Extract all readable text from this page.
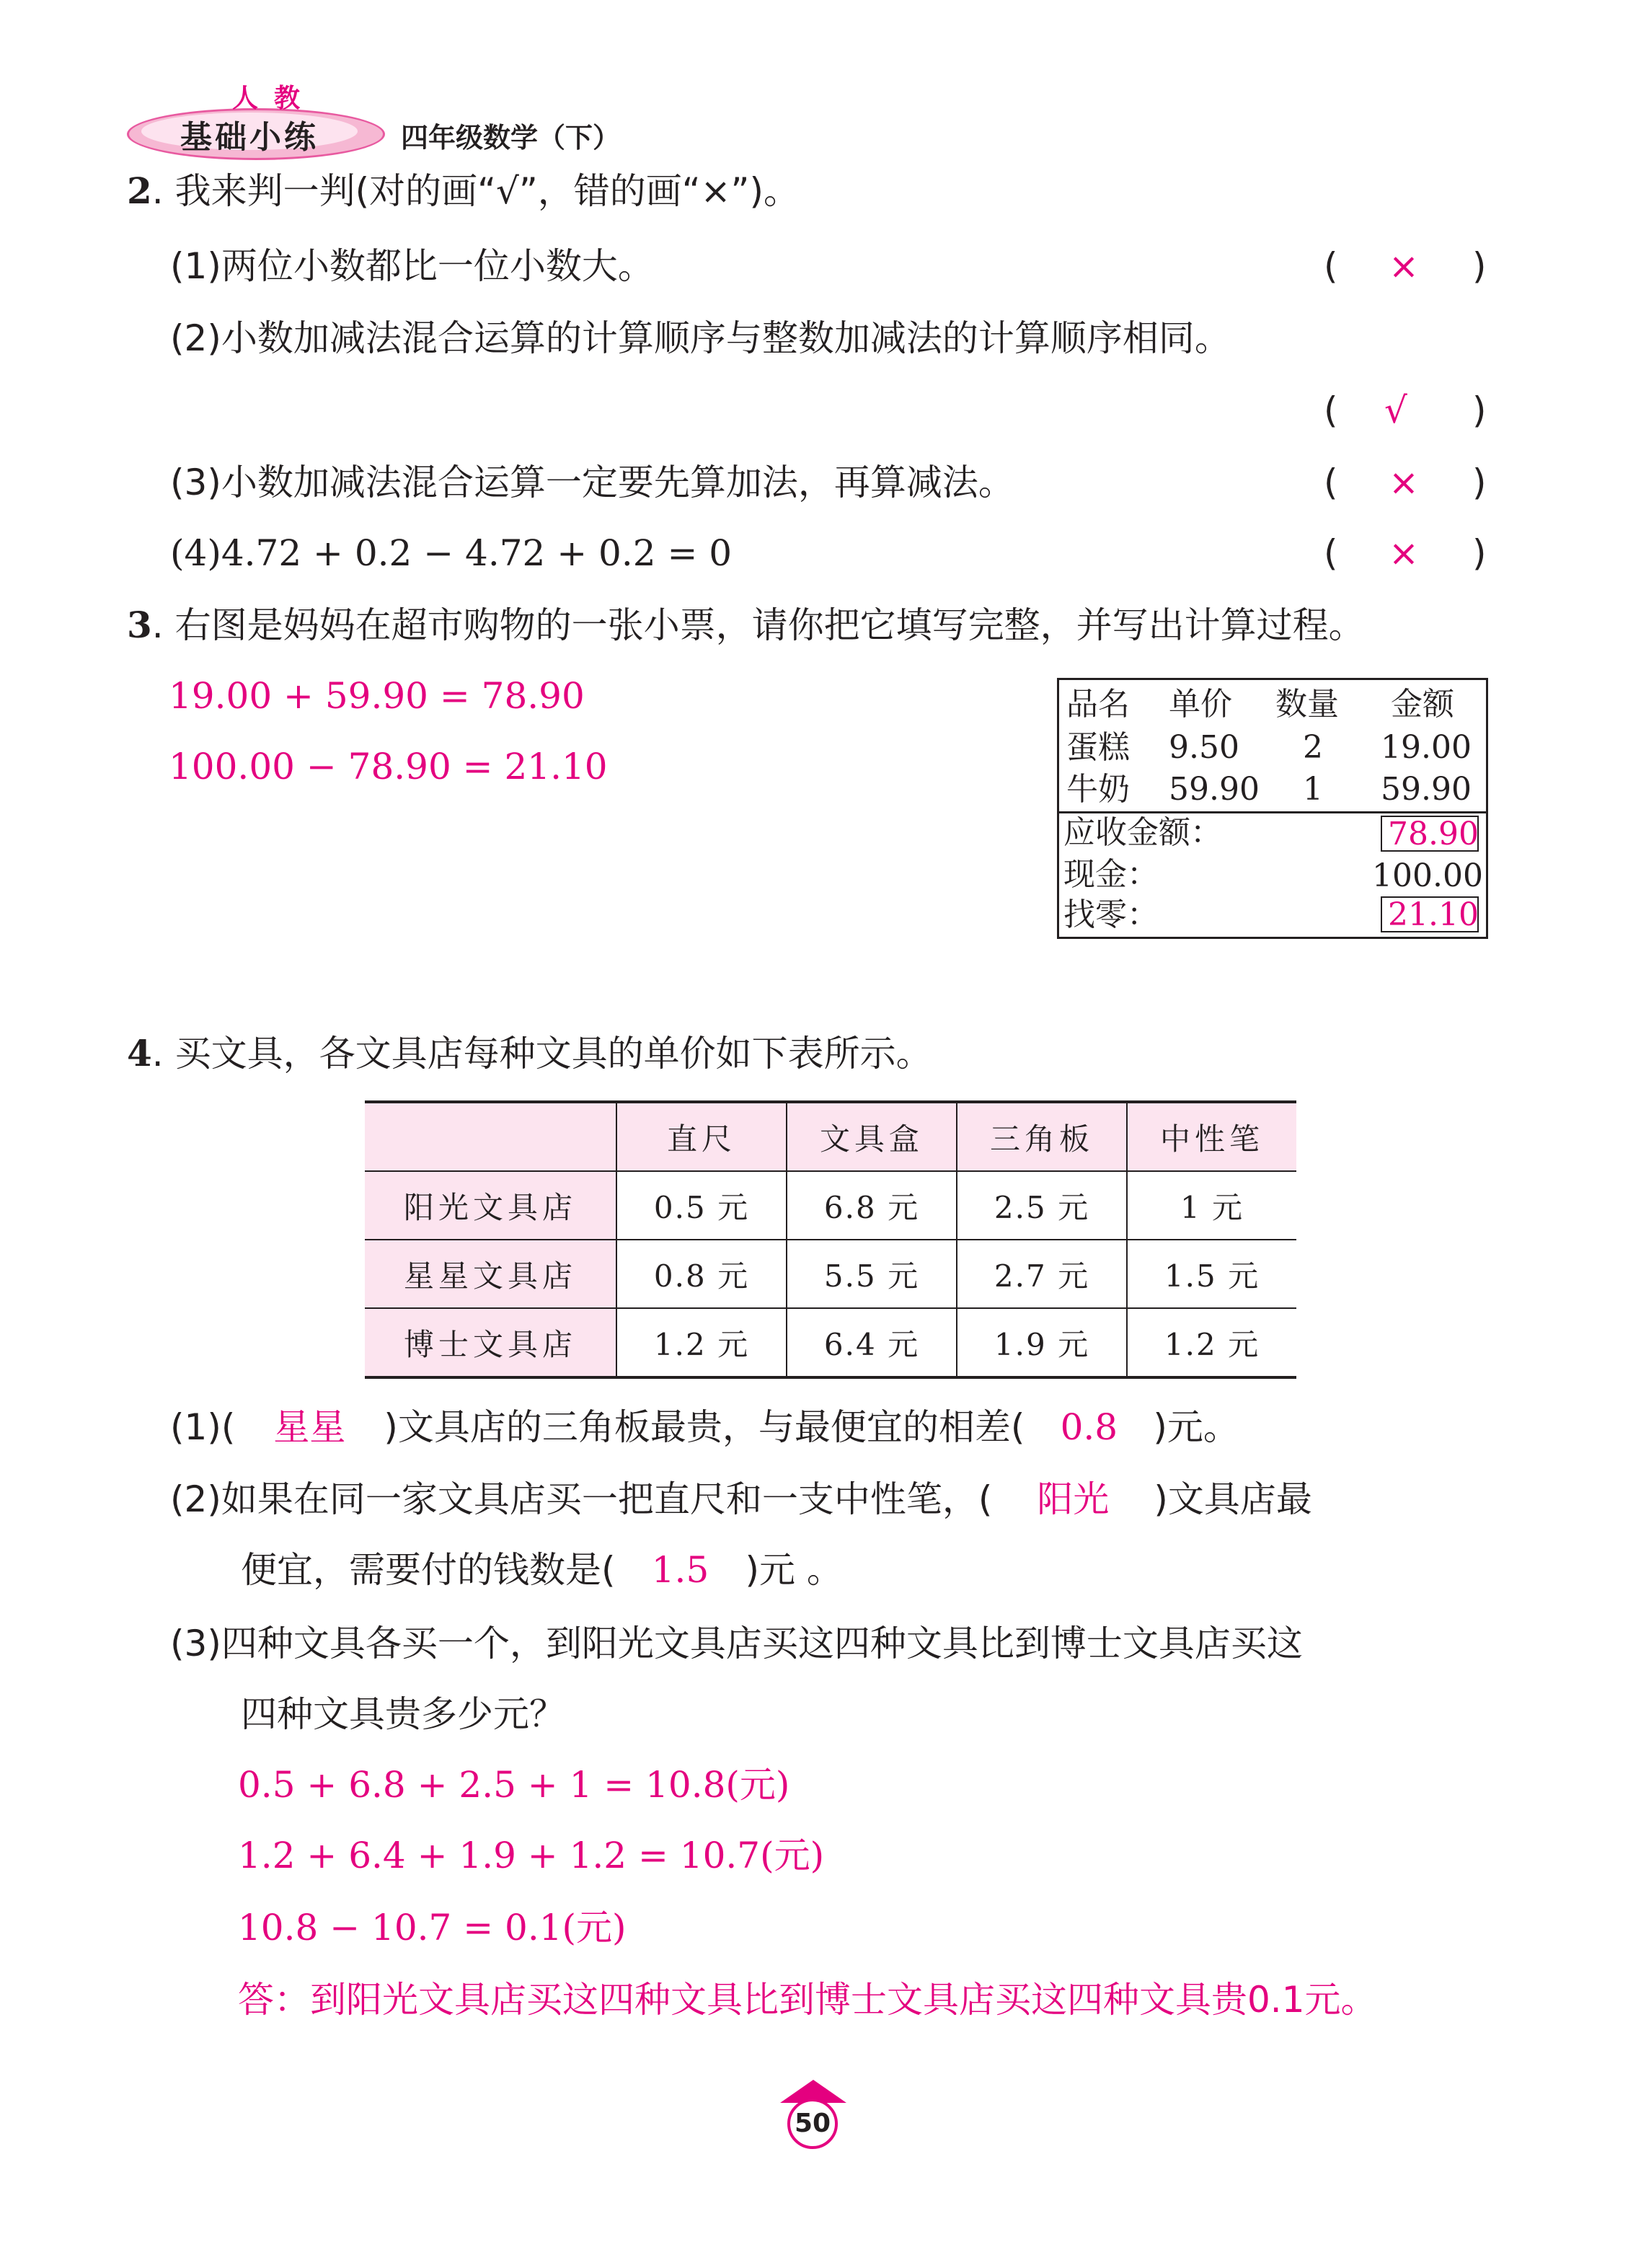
人教
基础小练	四年级数学（下）
2. 我来判一判(对的画“√”，错的画“×”)。
(1)两位小数都比一位小数大。	( × )
(2)小数加减法混合运算的计算顺序与整数加减法的计算顺序相同。
( √ )
(3)小数加减法混合运算一定要先算加法，再算减法。	( × )
(4)4.72 + 0.2 − 4.72 + 0.2 = 0	( × )
3. 右图是妈妈在超市购物的一张小票，请你把它填写完整，并写出计算过程。
19.00 + 59.90 = 78.90
100.00 − 78.90 = 21.10
品名 单价 数量 金额
蛋糕 9.50 2 19.00
牛奶 59.90 1 59.90
应收金额：	78.90
现金：	100.00
找零：	21.10
4. 买文具，各文具店每种文具的单价如下表所示。
	直尺	文具盒	三角板	中性笔
阳光文具店	0.5 元	6.8 元	2.5 元	1 元
星星文具店	0.8 元	5.5 元	2.7 元	1.5 元
博士文具店	1.2 元	6.4 元	1.9 元	1.2 元
(1)( 星星 )文具店的三角板最贵，与最便宜的相差( 0.8 )元。
(2)如果在同一家文具店买一把直尺和一支中性笔，( 阳光 )文具店最
便宜，需要付的钱数是( 1.5 )元 。
(3)四种文具各买一个，到阳光文具店买这四种文具比到博士文具店买这
四种文具贵多少元？
0.5 + 6.8 + 2.5 + 1 = 10.8(元)
1.2 + 6.4 + 1.9 + 1.2 = 10.7(元)
10.8 − 10.7 = 0.1(元)
答：到阳光文具店买这四种文具比到博士文具店买这四种文具贵0.1元。
50
